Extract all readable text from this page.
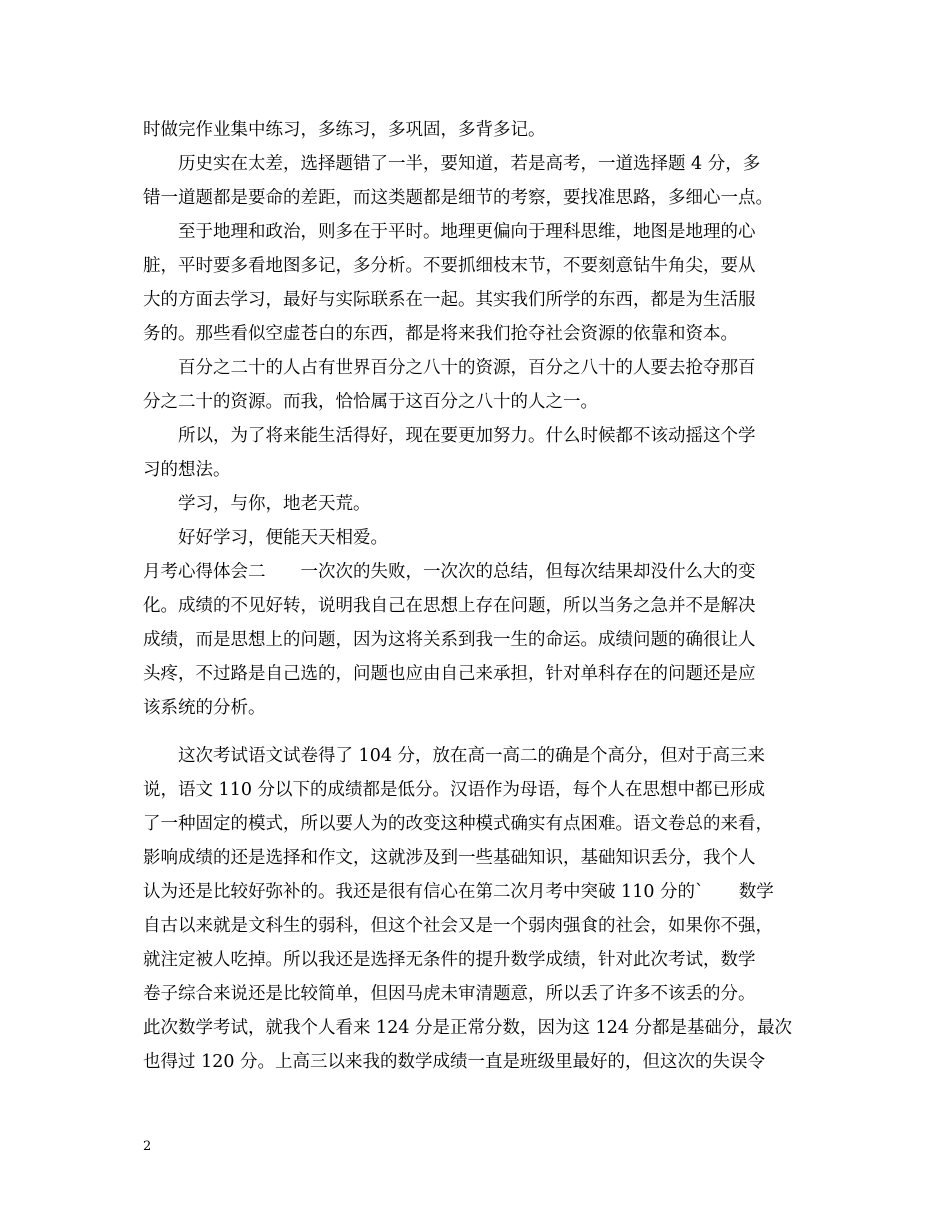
时做完作业集中练习，多练习，多巩固，多背多记。
历史实在太差，选择题错了一半，要知道，若是高考，一道选择题 4 分，多
错一道题都是要命的差距，而这类题都是细节的考察，要找准思路，多细心一点。
至于地理和政治，则多在于平时。地理更偏向于理科思维，地图是地理的心
脏，平时要多看地图多记，多分析。不要抓细枝末节，不要刻意钻牛角尖，要从
大的方面去学习，最好与实际联系在一起。其实我们所学的东西，都是为生活服
务的。那些看似空虚苍白的东西，都是将来我们抢夺社会资源的依靠和资本。
百分之二十的人占有世界百分之八十的资源，百分之八十的人要去抢夺那百
分之二十的资源。而我，恰恰属于这百分之八十的人之一。
所以，为了将来能生活得好，现在要更加努力。什么时候都不该动摇这个学
习的想法。
学习，与你，地老天荒。
好好学习，便能天天相爱。
月考心得体会二　　一次次的失败，一次次的总结，但每次结果却没什么大的变
化。成绩的不见好转，说明我自己在思想上存在问题，所以当务之急并不是解决
成绩，而是思想上的问题，因为这将关系到我一生的命运。成绩问题的确很让人
头疼，不过路是自己选的，问题也应由自己来承担，针对单科存在的问题还是应
该系统的分析。
这次考试语文试卷得了 104 分，放在高一高二的确是个高分，但对于高三来
说，语文 110 分以下的成绩都是低分。汉语作为母语，每个人在思想中都已形成
了一种固定的模式，所以要人为的改变这种模式确实有点困难。语文卷总的来看，
影响成绩的还是选择和作文，这就涉及到一些基础知识，基础知识丢分，我个人
认为还是比较好弥补的。我还是很有信心在第二次月考中突破 110 分的`　　数学
自古以来就是文科生的弱科，但这个社会又是一个弱肉强食的社会，如果你不强，
就注定被人吃掉。所以我还是选择无条件的提升数学成绩，针对此次考试，数学
卷子综合来说还是比较简单，但因马虎未审清题意，所以丢了许多不该丢的分。
此次数学考试，就我个人看来 124 分是正常分数，因为这 124 分都是基础分，最次
也得过 120 分。上高三以来我的数学成绩一直是班级里最好的，但这次的失误令
2
